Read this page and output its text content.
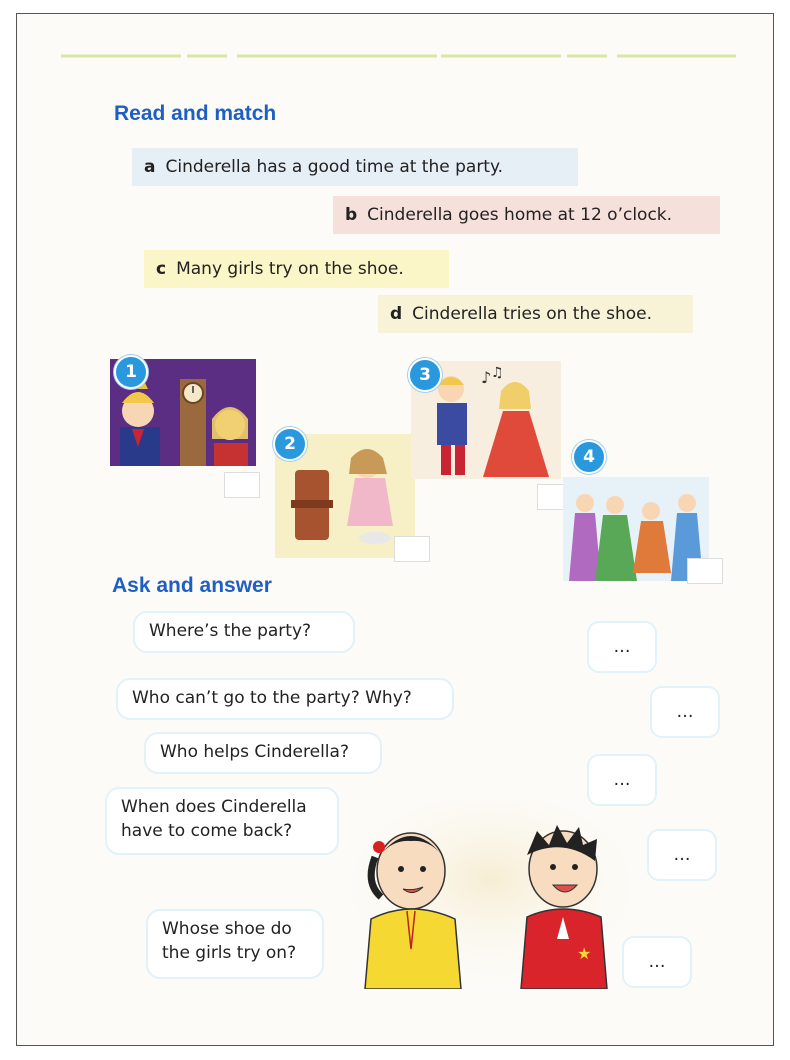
Read and match
a Cinderella has a good time at the party.
b Cinderella goes home at 12 o’clock.
c Many girls try on the shoe.
d Cinderella tries on the shoe.
1
2
♪ ♫
3
4
Ask and answer
Where’s the party?
…
Who can’t go to the party? Why?
…
Who helps Cinderella?
…
When does Cinderella
have to come back?
…
Whose shoe do
the girls try on?	…
★
